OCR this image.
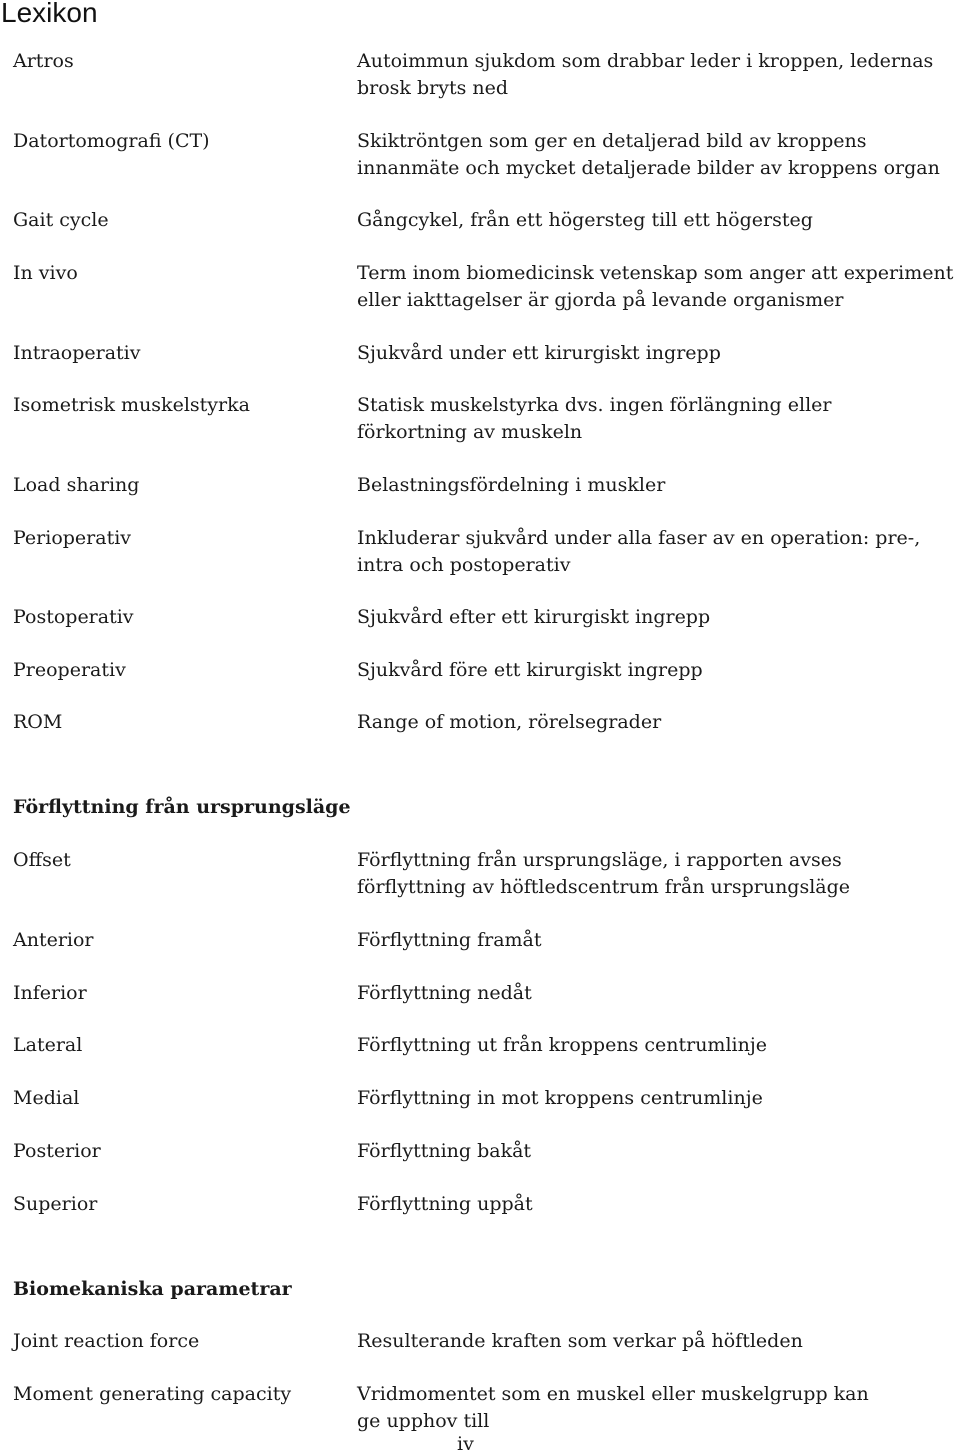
Lexikon
Artros	Autoimmun sjukdom som drabbar leder i kroppen, ledernas brosk bryts ned
Datortomografi (CT)	Skiktröntgen som ger en detaljerad bild av kroppens innanmäte och mycket detaljerade bilder av kroppens organ
Gait cycle	Gångcykel, från ett högersteg till ett högersteg
In vivo	Term inom biomedicinsk vetenskap som anger att experiment eller iakttagelser är gjorda på levande organismer
Intraoperativ	Sjukvård under ett kirurgiskt ingrepp
Isometrisk muskelstyrka	Statisk muskelstyrka dvs. ingen förlängning eller förkortning av muskeln
Load sharing	Belastningsfördelning i muskler
Perioperativ	Inkluderar sjukvård under alla faser av en operation: pre-, intra och postoperativ
Postoperativ	Sjukvård efter ett kirurgiskt ingrepp
Preoperativ	Sjukvård före ett kirurgiskt ingrepp
ROM	Range of motion, rörelsegrader
Förflyttning från ursprungsläge
Offset	Förflyttning från ursprungsläge, i rapporten avses förflyttning av höftledscentrum från ursprungsläge
Anterior	Förflyttning framåt
Inferior	Förflyttning nedåt
Lateral	Förflyttning ut från kroppens centrumlinje
Medial	Förflyttning in mot kroppens centrumlinje
Posterior	Förflyttning bakåt
Superior	Förflyttning uppåt
Biomekaniska parametrar
Joint reaction force	Resulterande kraften som verkar på höftleden
Moment generating capacity	Vridmomentet som en muskel eller muskelgrupp kan ge upphov till
iv
